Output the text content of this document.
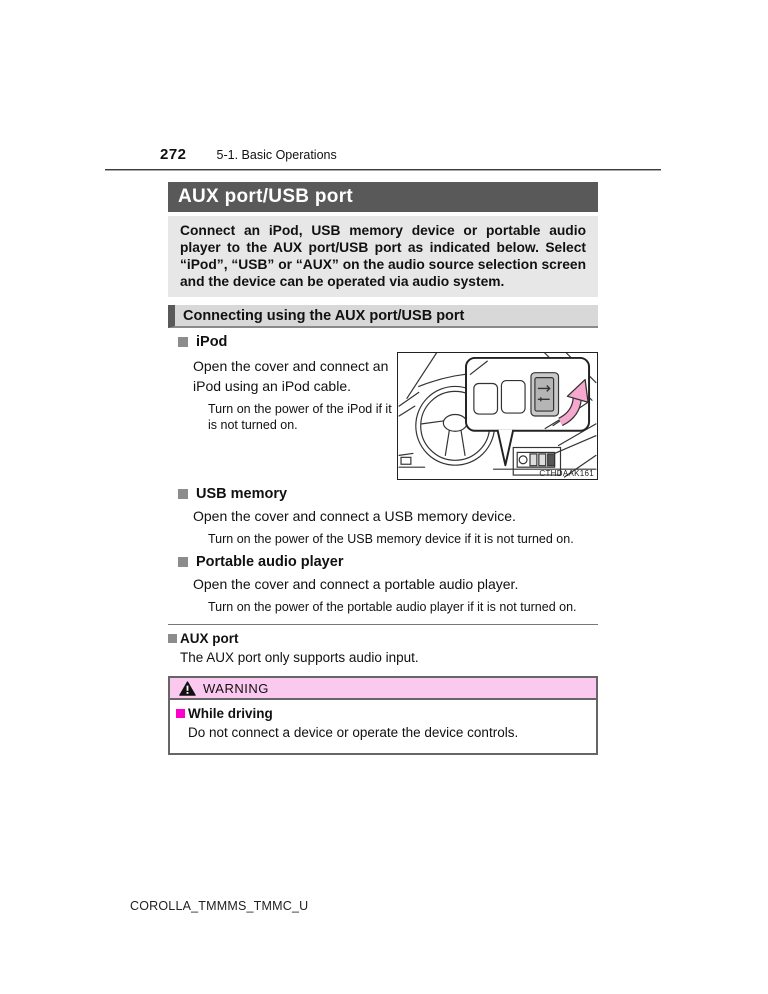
272 5-1. Basic Operations
AUX port/USB port
Connect an iPod, USB memory device or portable audio player to the AUX port/USB port as indicated below. Select “iPod”, “USB” or “AUX” on the audio source selection screen and the device can be operated via audio system.
Connecting using the AUX port/USB port
iPod

Open the cover and connect an iPod using an iPod cable.

Turn on the power of the iPod if it is not turned on.

CTHDAAK161
USB memory

Open the cover and connect a USB memory device.

Turn on the power of the USB memory device if it is not turned on.

Portable audio player

Open the cover and connect a portable audio player.

Turn on the power of the portable audio player if it is not turned on.

AUX port

The AUX port only supports audio input.

WARNING
While driving

Do not connect a device or operate the device controls.

COROLLA_TMMMS_TMMC_U
